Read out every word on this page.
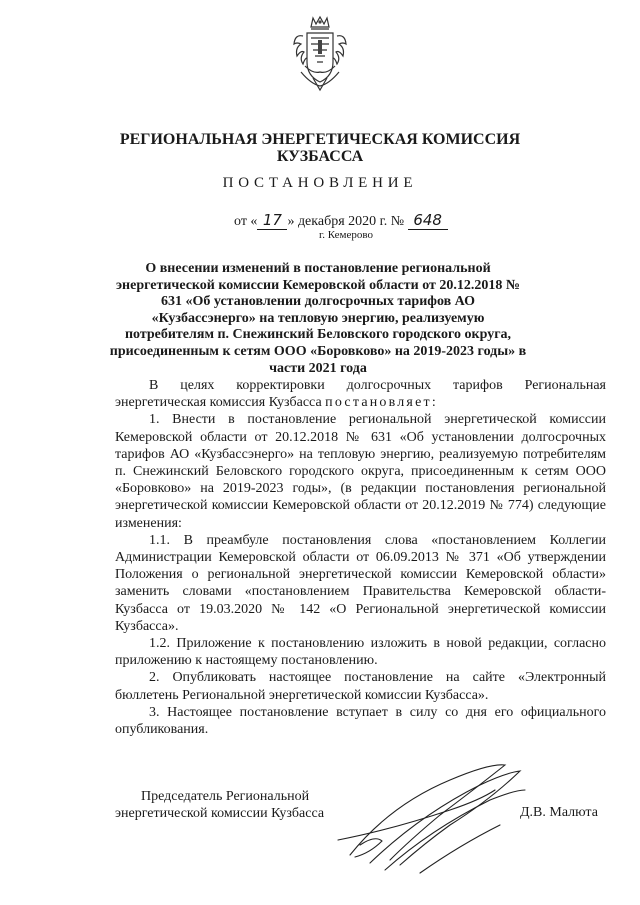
РЕГИОНАЛЬНАЯ ЭНЕРГЕТИЧЕСКАЯ КОМИССИЯ
КУЗБАССА
ПОСТАНОВЛЕНИЕ
от « 17 » декабря 2020 г. № 648
г. Кемерово
О внесении изменений в постановление региональной энергетической комиссии Кемеровской области от 20.12.2018 № 631 «Об установлении долгосрочных тарифов АО «Кузбассэнерго» на тепловую энергию, реализуемую потребителям п. Снежинский Беловского городского округа, присоединенным к сетям ООО «Боровково» на 2019-2023 годы» в части 2021 года

В целях корректировки долгосрочных тарифов Региональная энергетическая комиссия Кузбасса постановляет:

1. Внести в постановление региональной энергетической комиссии Кемеровской области от 20.12.2018 № 631 «Об установлении долгосрочных тарифов АО «Кузбассэнерго» на тепловую энергию, реализуемую потребителям п. Снежинский Беловского городского округа, присоединенным к сетям ООО «Боровково» на 2019-2023 годы», (в редакции постановления региональной энергетической комиссии Кемеровской области от 20.12.2019 № 774) следующие изменения:

1.1. В преамбуле постановления слова «постановлением Коллегии Администрации Кемеровской области от 06.09.2013 № 371 «Об утверждении Положения о региональной энергетической комиссии Кемеровской области» заменить словами «постановлением Правительства Кемеровской области-Кузбасса от 19.03.2020 № 142 «О Региональной энергетической комиссии Кузбасса».

1.2. Приложение к постановлению изложить в новой редакции, согласно приложению к настоящему постановлению.

2. Опубликовать настоящее постановление на сайте «Электронный бюллетень Региональной энергетической комиссии Кузбасса».

3. Настоящее постановление вступает в силу со дня его официального опубликования.

Председатель Региональной
энергетической комиссии Кузбасса	Д.В. Малюта
